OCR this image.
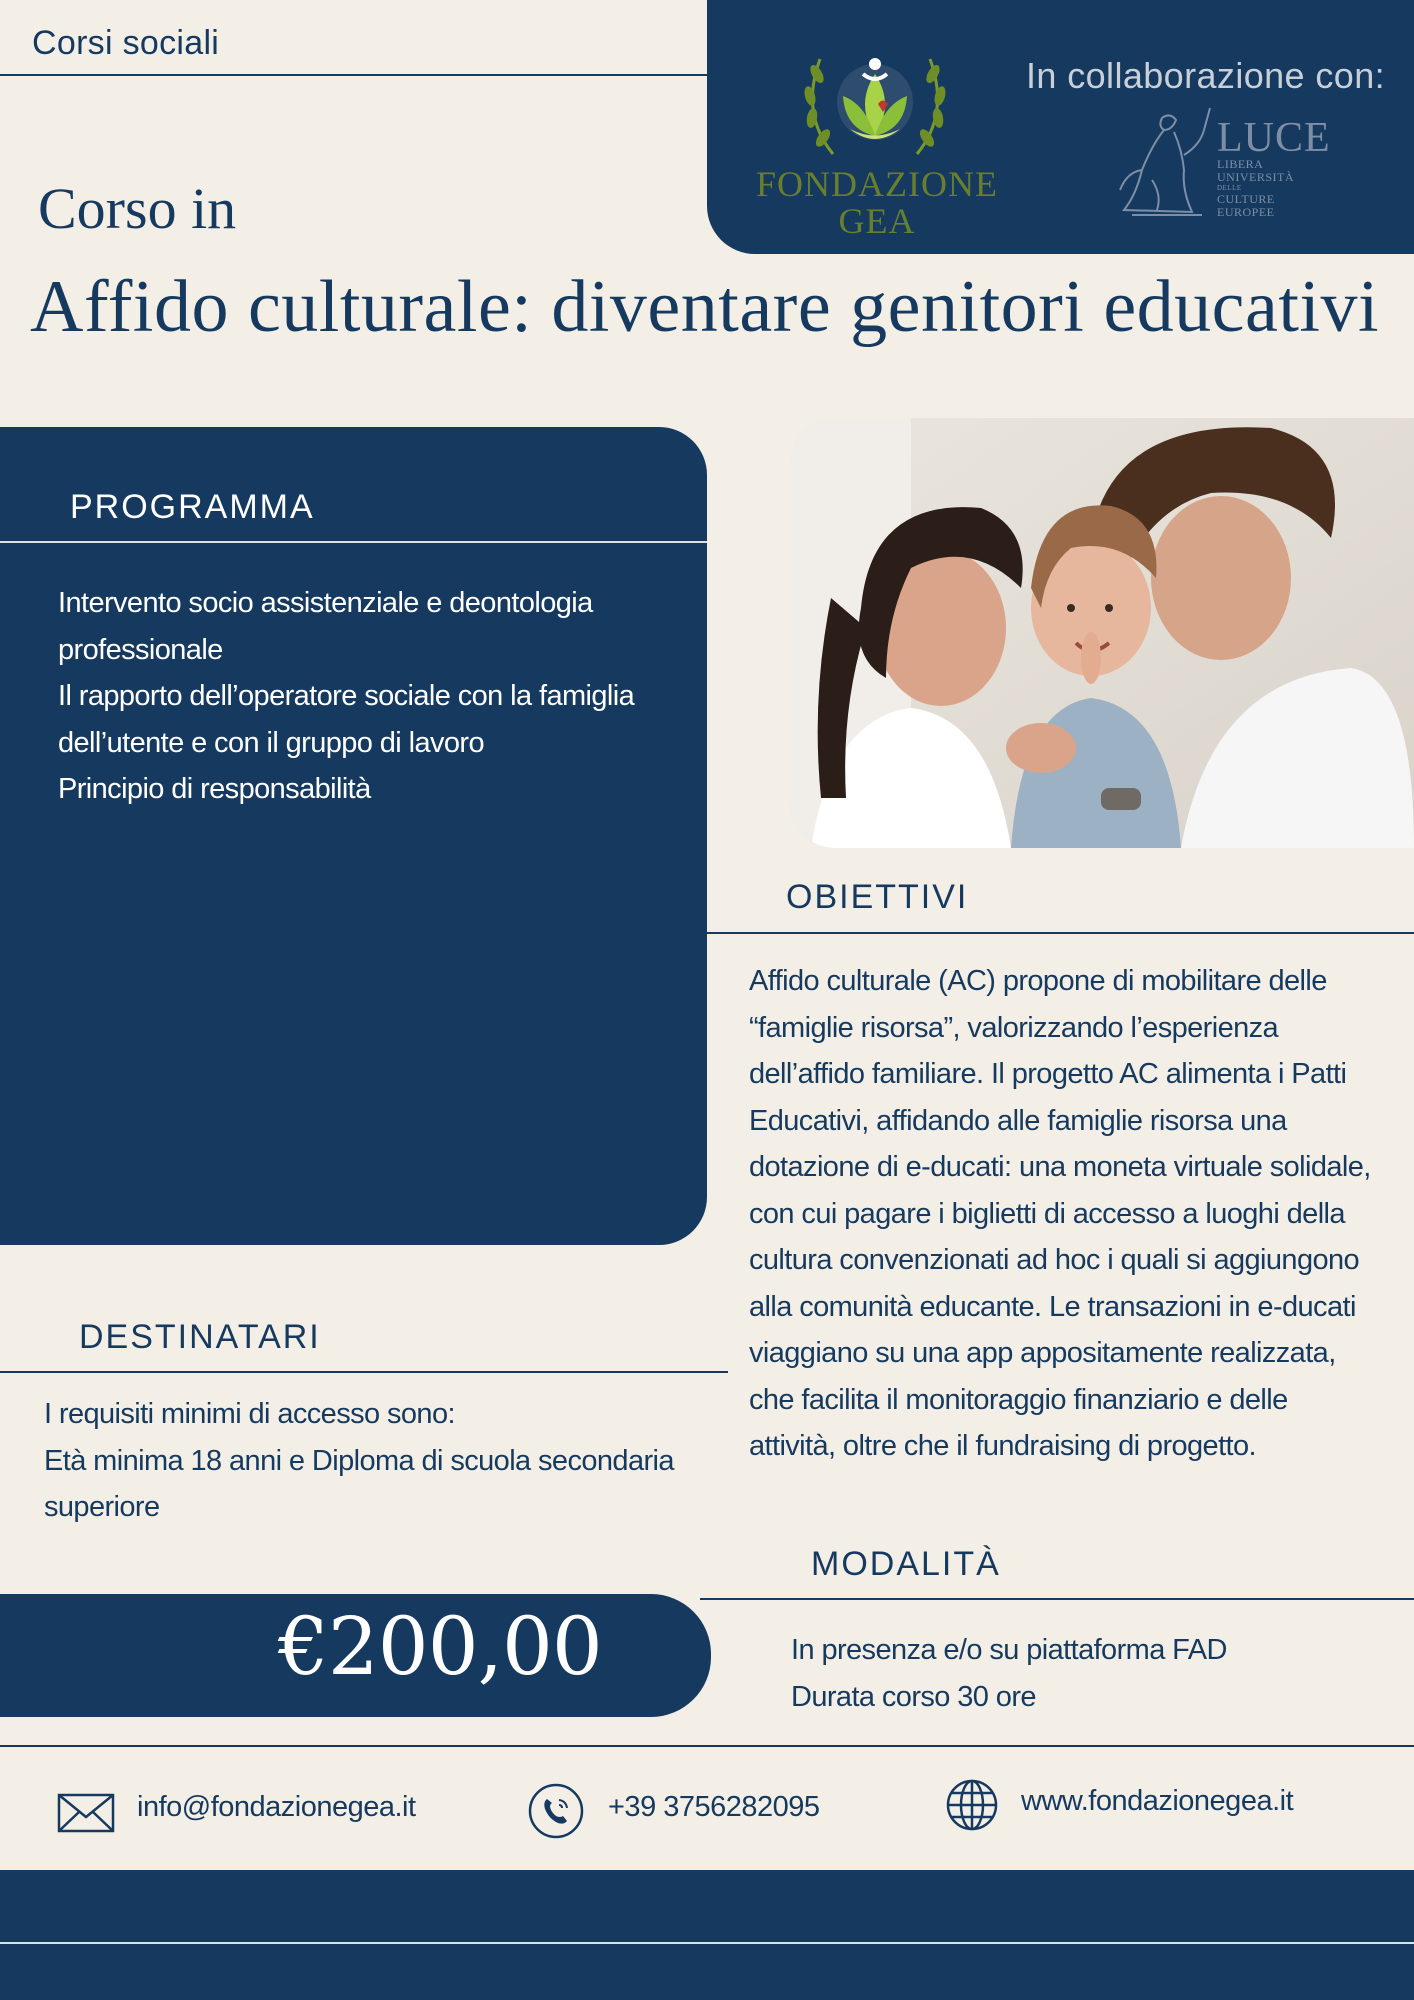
Corsi sociali
FONDAZIONE
GEA
In collaborazione con:
LUCE
LIBERA
UNIVERSITÀ
DELLE
CULTURE
EUROPEE
Corso in
Affido culturale: diventare genitori educativi
PROGRAMMA
Intervento socio assistenziale e deontologia professionale
Il rapporto dell’operatore sociale con la famiglia dell’utente e con il gruppo di lavoro
Principio di responsabilità
OBIETTIVI
Affido culturale (AC) propone di mobilitare delle
“famiglie risorsa”, valorizzando l’esperienza
dell’affido familiare. Il progetto AC alimenta i Patti
Educativi, affidando alle famiglie risorsa una
dotazione di e-ducati: una moneta virtuale solidale,
con cui pagare i biglietti di accesso a luoghi della
cultura convenzionati ad hoc i quali si aggiungono
alla comunità educante. Le transazioni in e-ducati
viaggiano su una app appositamente realizzata,
che facilita il monitoraggio finanziario e delle
attività, oltre che il fundraising di progetto.
DESTINATARI
I requisiti minimi di accesso sono:
Età minima 18 anni e Diploma di scuola secondaria
superiore
MODALITÀ
€200,00	In presenza e/o su piattaforma FAD
Durata corso 30 ore
info@fondazionegea.it	+39 3756282095	www.fondazionegea.it
